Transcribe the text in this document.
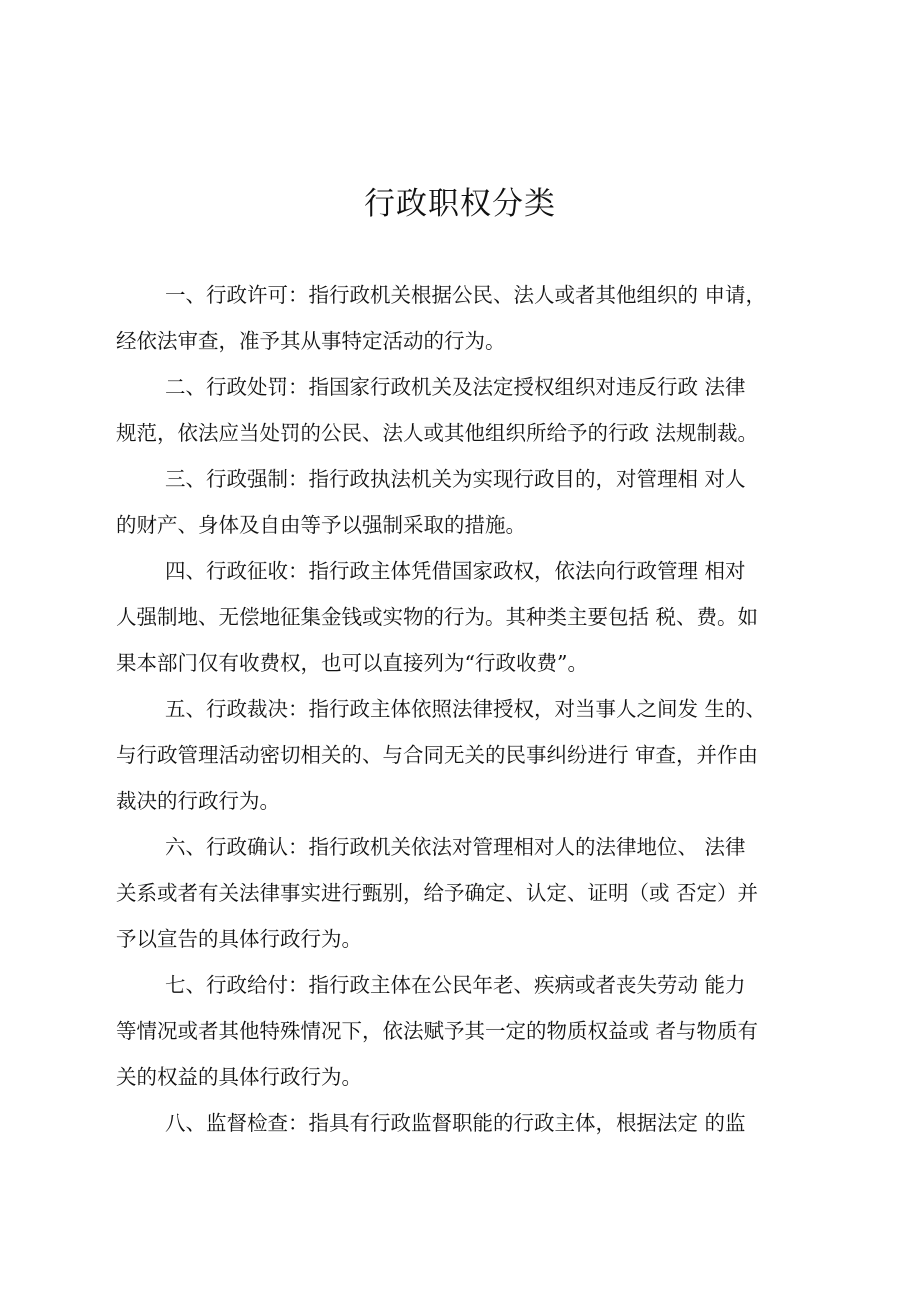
行政职权分类
一、行政许可：指行政机关根据公民、法人或者其他组织的 申请，
经依法审查，准予其从事特定活动的行为。
二、行政处罚：指国家行政机关及法定授权组织对违反行政 法律
规范，依法应当处罚的公民、法人或其他组织所给予的行政 法规制裁。
三、行政强制：指行政执法机关为实现行政目的，对管理相 对人
的财产、身体及自由等予以强制采取的措施。
四、行政征收：指行政主体凭借国家政权，依法向行政管理 相对
人强制地、无偿地征集金钱或实物的行为。其种类主要包括 税、费。如
果本部门仅有收费权，也可以直接列为“行政收费”。
五、行政裁决：指行政主体依照法律授权，对当事人之间发 生的、
与行政管理活动密切相关的、与合同无关的民事纠纷进行 审查，并作由
裁决的行政行为。
六、行政确认：指行政机关依法对管理相对人的法律地位、 法律
关系或者有关法律事实进行甄别，给予确定、认定、证明（或 否定）并
予以宣告的具体行政行为。
七、行政给付：指行政主体在公民年老、疾病或者丧失劳动 能力
等情况或者其他特殊情况下，依法赋予其一定的物质权益或 者与物质有
关的权益的具体行政行为。
八、监督检查：指具有行政监督职能的行政主体，根据法定 的监
